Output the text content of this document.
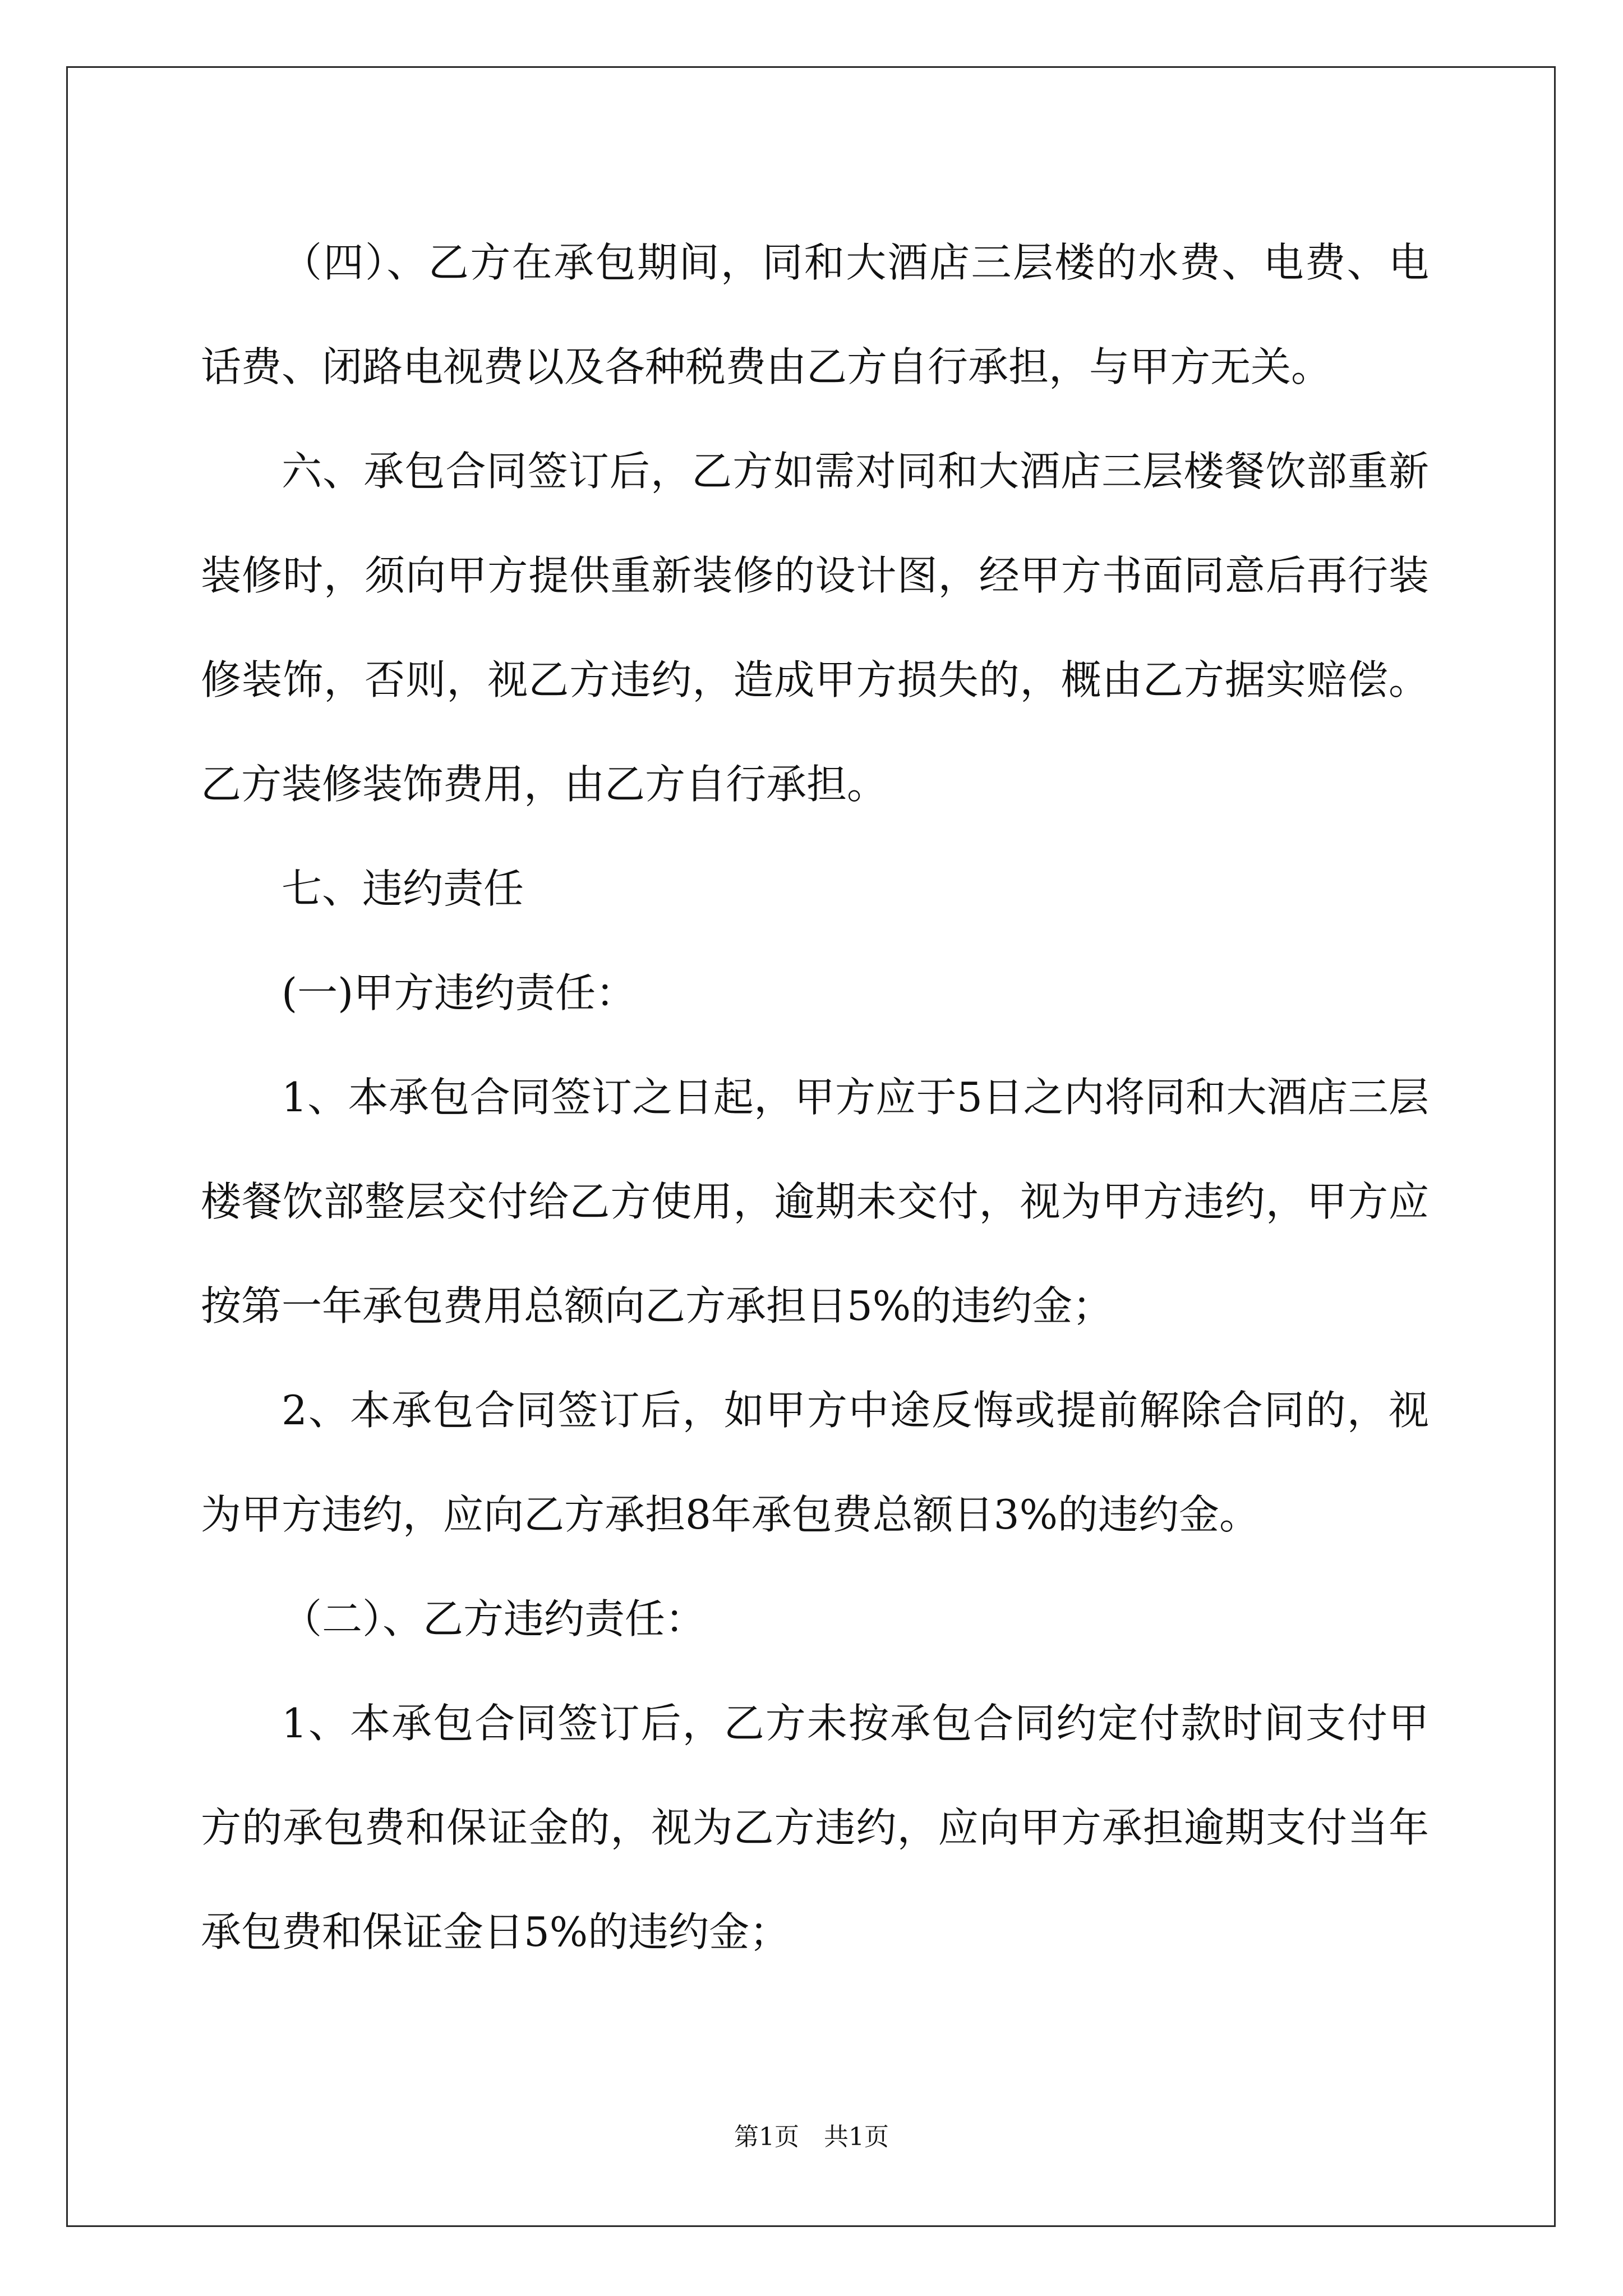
（四）、乙方在承包期间，同和大酒店三层楼的水费、电费、电话费、闭路电视费以及各种税费由乙方自行承担，与甲方无关。

六、承包合同签订后，乙方如需对同和大酒店三层楼餐饮部重新装修时，须向甲方提供重新装修的设计图，经甲方书面同意后再行装修装饰，否则，视乙方违约，造成甲方损失的，概由乙方据实赔偿。乙方装修装饰费用，由乙方自行承担。

七、违约责任

(一)甲方违约责任：

1、本承包合同签订之日起，甲方应于5日之内将同和大酒店三层楼餐饮部整层交付给乙方使用，逾期未交付，视为甲方违约，甲方应按第一年承包费用总额向乙方承担日5%的违约金；

2、本承包合同签订后，如甲方中途反悔或提前解除合同的，视为甲方违约，应向乙方承担8年承包费总额日3%的违约金。

（二）、乙方违约责任：

1、本承包合同签订后，乙方未按承包合同约定付款时间支付甲方的承包费和保证金的，视为乙方违约，应向甲方承担逾期支付当年承包费和保证金日5%的违约金；

第1页　共1页
